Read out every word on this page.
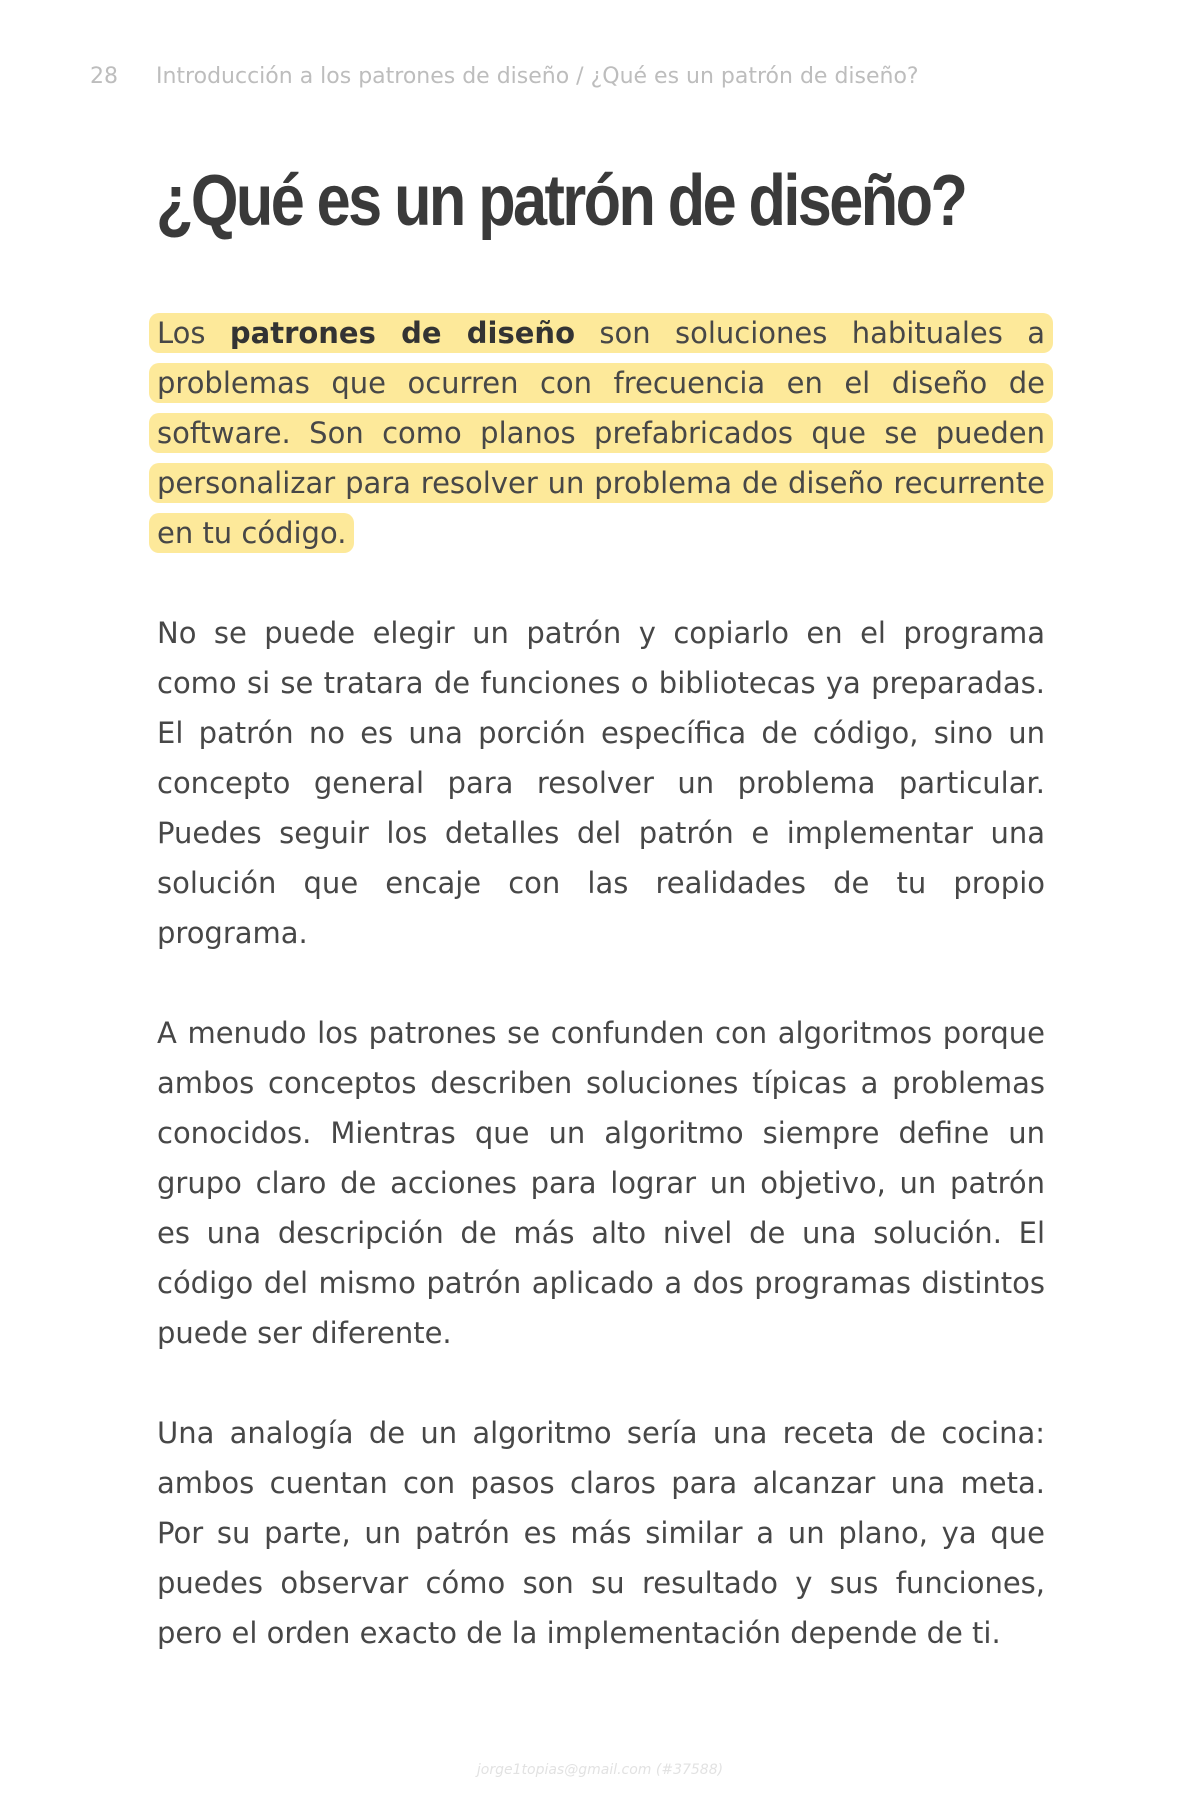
28 Introducción a los patrones de diseño / ¿Qué es un patrón de diseño?
¿Qué es un patrón de diseño?

Los patrones de diseño son soluciones habituales a problemas que ocurren con frecuencia en el diseño de software. Son como planos prefabricados que se pueden personalizar para resolver un problema de diseño recurrente en tu código.

No se puede elegir un patrón y copiarlo en el programa como si se tratara de funciones o bibliotecas ya preparadas. El patrón no es una porción específica de código, sino un concepto general para resolver un problema particular. Puedes seguir los detalles del patrón e implementar una solución que encaje con las realidades de tu propio programa.

A menudo los patrones se confunden con algoritmos porque ambos conceptos describen soluciones típicas a problemas conocidos. Mientras que un algoritmo siempre define un grupo claro de acciones para lograr un objetivo, un patrón es una descripción de más alto nivel de una solución. El código del mismo patrón aplicado a dos programas distintos puede ser diferente.

Una analogía de un algoritmo sería una receta de cocina: ambos cuentan con pasos claros para alcanzar una meta. Por su parte, un patrón es más similar a un plano, ya que puedes observar cómo son su resultado y sus funciones, pero el orden exacto de la implementación depende de ti.

jorge1topias@gmail.com (#37588)
